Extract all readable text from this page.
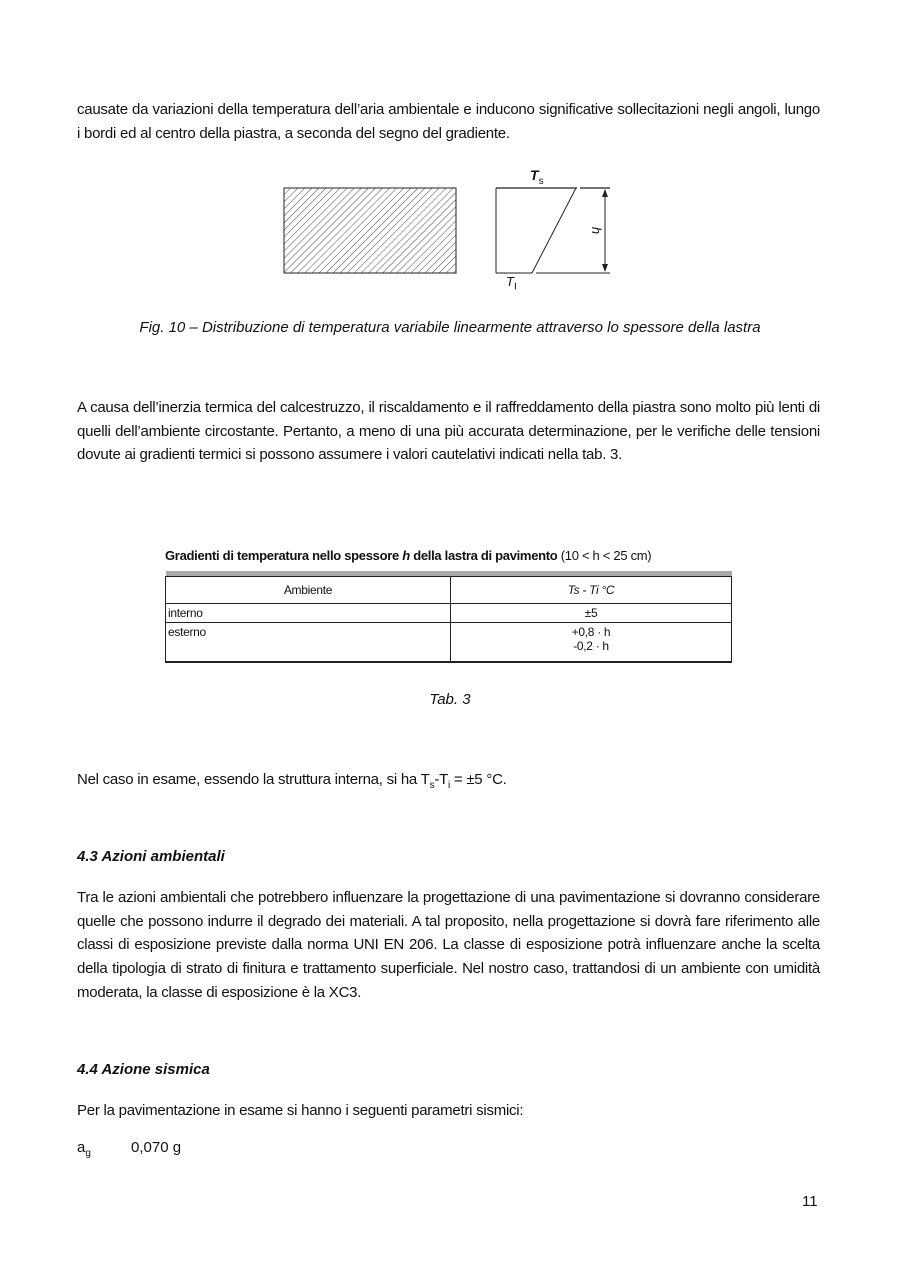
causate da variazioni della temperatura dell’aria ambientale e inducono significative sollecitazioni negli angoli, lungo i bordi ed al centro della piastra, a seconda del segno del gradiente.

$T_s$
$T_I$
h
Fig. 10 – Distribuzione di temperatura variabile linearmente attraverso lo spessore della lastra

A causa dell’inerzia termica del calcestruzzo, il riscaldamento e il raffreddamento della piastra sono molto più lenti di quelli dell’ambiente circostante. Pertanto, a meno di una più accurata determinazione, per le verifiche delle tensioni dovute ai gradienti termici si possono assumere i valori cautelativi indicati nella tab. 3.

Gradienti di temperatura nello spessore h della lastra di pavimento (10 < h < 25 cm)

Ambiente	Ts - Ti °C
interno	±5
esterno	+0,8 · h
-0,2 · h
Tab. 3
Nel caso in esame, essendo la struttura interna, si ha $T_s-T_i = \pm 5$ °C.
4.3 Azioni ambientali

Tra le azioni ambientali che potrebbero influenzare la progettazione di una pavimentazione si dovranno considerare quelle che possono indurre il degrado dei materiali. A tal proposito, nella progettazione si dovrà fare riferimento alle classi di esposizione previste dalla norma UNI EN 206. La classe di esposizione potrà influenzare anche la scelta della tipologia di strato di finitura e trattamento superficiale. Nel nostro caso, trattandosi di un ambiente con umidità moderata, la classe di esposizione è la XC3.

4.4 Azione sismica
Per la pavimentazione in esame si hanno i seguenti parametri sismici:
$a_g$	0,070 g
11
